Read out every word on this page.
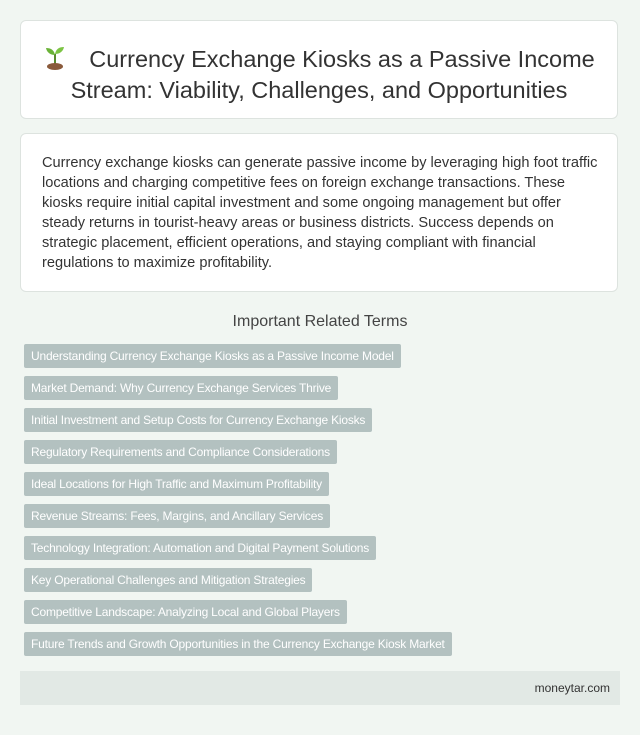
Currency Exchange Kiosks as a Passive Income Stream: Viability, Challenges, and Opportunities

Currency exchange kiosks can generate passive income by leveraging high foot traffic locations and charging competitive fees on foreign exchange transactions. These kiosks require initial capital investment and some ongoing management but offer steady returns in tourist-heavy areas or business districts. Success depends on strategic placement, efficient operations, and staying compliant with financial regulations to maximize profitability.

Important Related Terms
Understanding Currency Exchange Kiosks as a Passive Income Model
Market Demand: Why Currency Exchange Services Thrive
Initial Investment and Setup Costs for Currency Exchange Kiosks
Regulatory Requirements and Compliance Considerations
Ideal Locations for High Traffic and Maximum Profitability
Revenue Streams: Fees, Margins, and Ancillary Services
Technology Integration: Automation and Digital Payment Solutions
Key Operational Challenges and Mitigation Strategies
Competitive Landscape: Analyzing Local and Global Players
Future Trends and Growth Opportunities in the Currency Exchange Kiosk Market
moneytar.com
